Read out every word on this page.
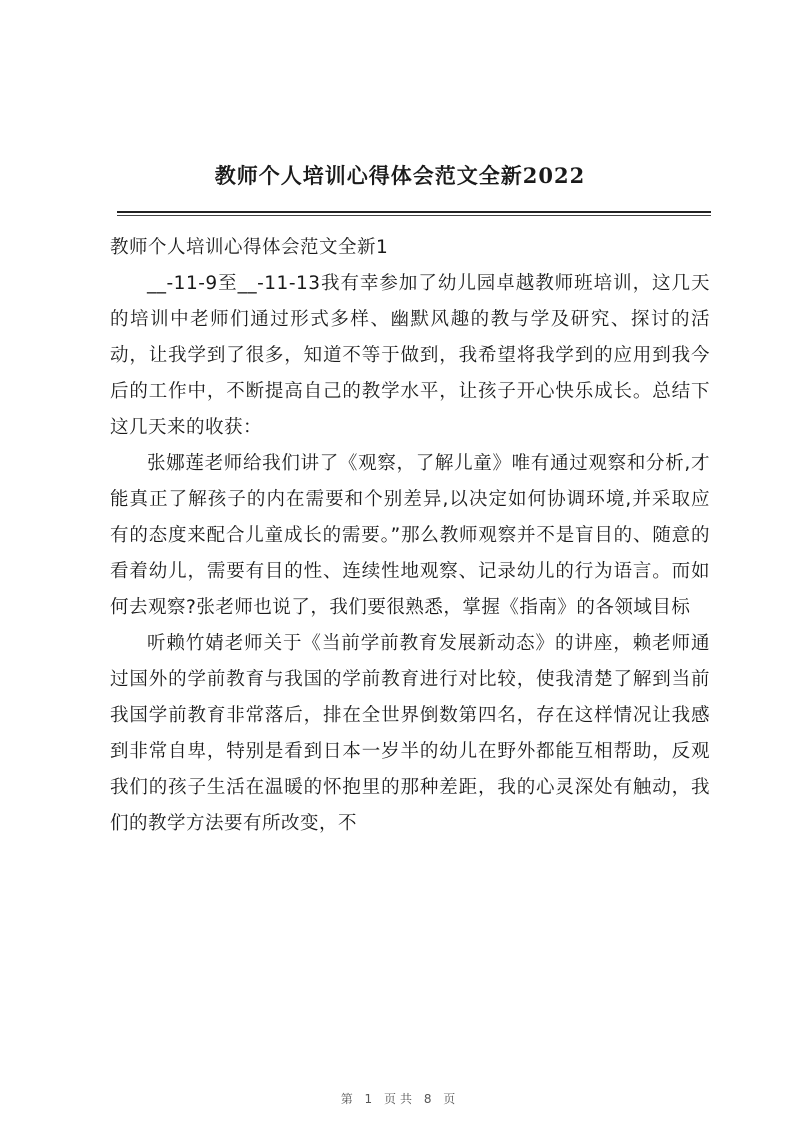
教师个人培训心得体会范文全新2022

教师个人培训心得体会范文全新1

__-11-9至__-11-13我有幸参加了幼儿园卓越教师班培训，这几天的培训中老师们通过形式多样、幽默风趣的教与学及研究、探讨的活动，让我学到了很多，知道不等于做到，我希望将我学到的应用到我今后的工作中，不断提高自己的教学水平，让孩子开心快乐成长。总结下这几天来的收获：

张娜莲老师给我们讲了《观察，了解儿童》唯有通过观察和分析,才能真正了解孩子的内在需要和个别差异,以决定如何协调环境,并采取应有的态度来配合儿童成长的需要。”那么教师观察并不是盲目的、随意的看着幼儿，需要有目的性、连续性地观察、记录幼儿的行为语言。而如何去观察?张老师也说了，我们要很熟悉，掌握《指南》的各领域目标

听赖竹婧老师关于《当前学前教育发展新动态》的讲座，赖老师通过国外的学前教育与我国的学前教育进行对比较，使我清楚了解到当前我国学前教育非常落后，排在全世界倒数第四名，存在这样情况让我感到非常自卑，特别是看到日本一岁半的幼儿在野外都能互相帮助，反观我们的孩子生活在温暖的怀抱里的那种差距，我的心灵深处有触动，我们的教学方法要有所改变，不

第 1 页共 8 页
